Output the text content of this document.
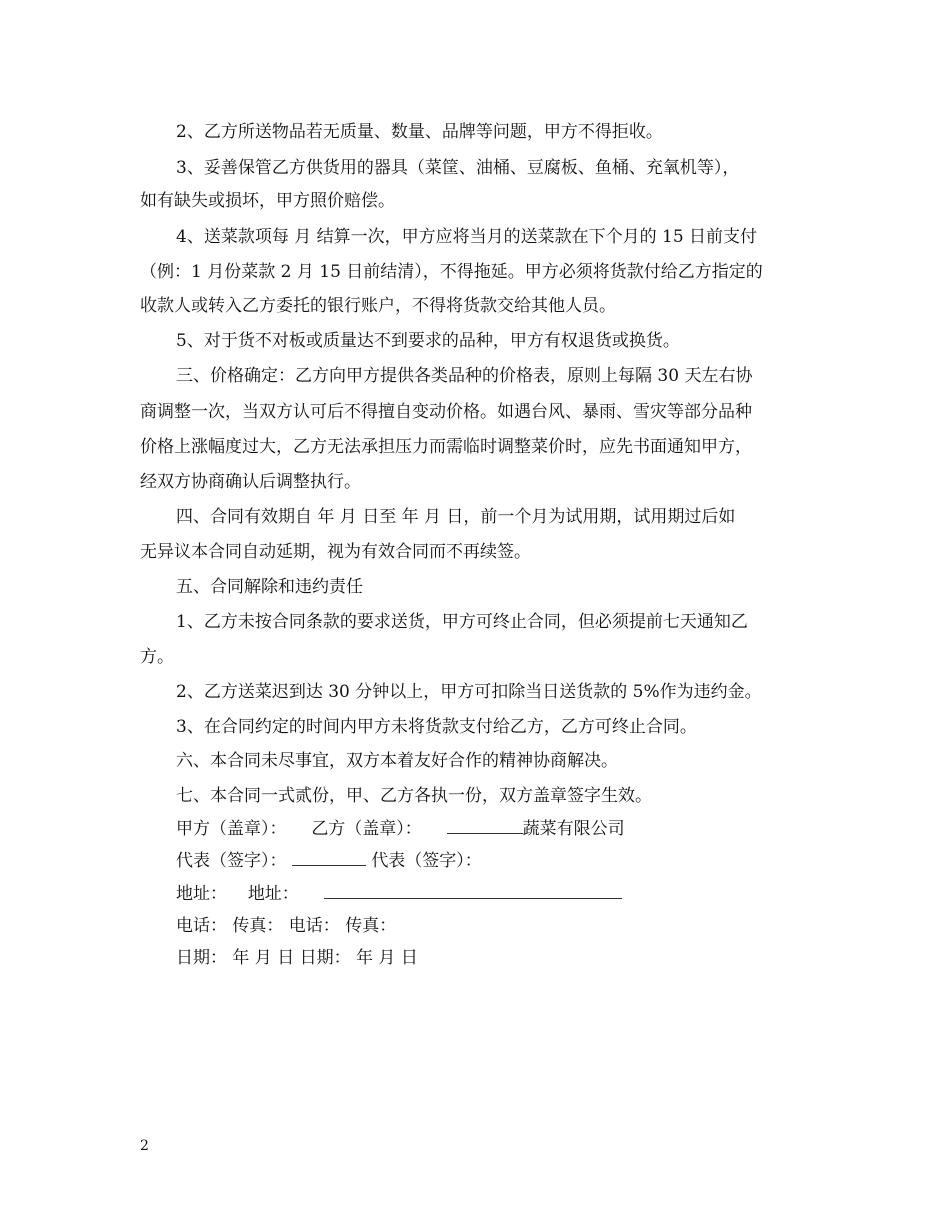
2、乙方所送物品若无质量、数量、品牌等问题，甲方不得拒收。
3、妥善保管乙方供货用的器具（菜筐、油桶、豆腐板、鱼桶、充氧机等），
如有缺失或损坏，甲方照价赔偿。
4、送菜款项每 月 结算一次，甲方应将当月的送菜款在下个月的 15 日前支付
（例：1 月份菜款 2 月 15 日前结清），不得拖延。甲方必须将货款付给乙方指定的
收款人或转入乙方委托的银行账户，不得将货款交给其他人员。
5、对于货不对板或质量达不到要求的品种，甲方有权退货或换货。
三、价格确定：乙方向甲方提供各类品种的价格表，原则上每隔 30 天左右协
商调整一次，当双方认可后不得擅自变动价格。如遇台风、暴雨、雪灾等部分品种
价格上涨幅度过大，乙方无法承担压力而需临时调整菜价时，应先书面通知甲方，
经双方协商确认后调整执行。
四、合同有效期自 年 月 日至 年 月 日，前一个月为试用期，试用期过后如
无异议本合同自动延期，视为有效合同而不再续签。
五、合同解除和违约责任
1、乙方未按合同条款的要求送货，甲方可终止合同，但必须提前七天通知乙
方。
2、乙方送菜迟到达 30 分钟以上，甲方可扣除当日送货款的 5%作为违约金。
3、在合同约定的时间内甲方未将货款支付给乙方，乙方可终止合同。
六、本合同未尽事宜，双方本着友好合作的精神协商解决。
七、本合同一式贰份，甲、乙方各执一份，双方盖章签字生效。
甲方（盖章）： 乙方（盖章）：	蔬菜有限公司
代表（签字）：	代表（签字）：
地址： 地址：
电话： 传真： 电话： 传真：
日期： 年 月 日 日期： 年 月 日
2
